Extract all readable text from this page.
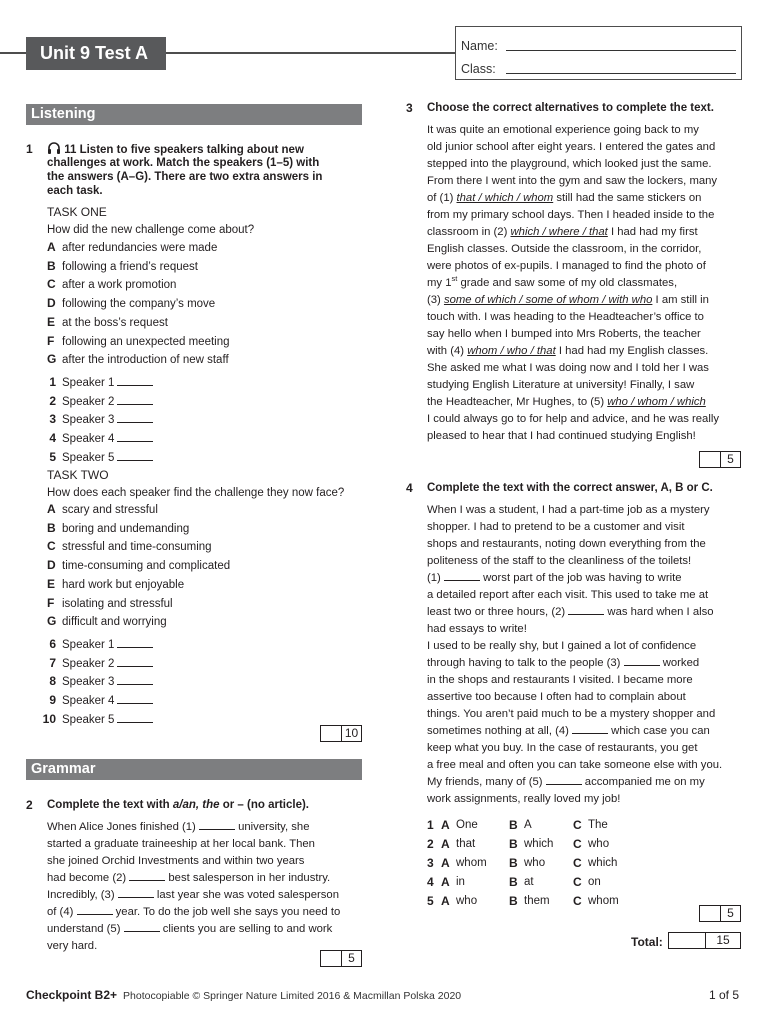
Unit 9 Test A	Name:
Class:
Listening
1	11 Listen to five speakers talking about new
challenges at work. Match the speakers (1–5) with
the answers (A–G). There are two extra answers in
each task.
TASK ONE
How did the new challenge come about?
A after redundancies were made
B following a friend’s request
C after a work promotion
D following the company’s move
E at the boss’s request
F following an unexpected meeting
G after the introduction of new staff
1 Speaker 1
2 Speaker 2
3 Speaker 3
4 Speaker 4
5 Speaker 5
TASK TWO
How does each speaker find the challenge they now face?
A scary and stressful
B boring and undemanding
C stressful and time-consuming
D time-consuming and complicated
E hard work but enjoyable
F isolating and stressful
G difficult and worrying
6 Speaker 1
7 Speaker 2
8 Speaker 3
9 Speaker 4
10 Speaker 5
10
Grammar
2 Complete the text with a/an, the or – (no article).
When Alice Jones finished (1)	university, she
started a graduate traineeship at her local bank. Then
she joined Orchid Investments and within two years
had become (2)	best salesperson in her industry.
Incredibly, (3)	last year she was voted salesperson
of (4)	year. To do the job well she says you need to
understand (5)	clients you are selling to and work
very hard.
5
3 Choose the correct alternatives to complete the text.
It was quite an emotional experience going back to my
old junior school after eight years. I entered the gates and
stepped into the playground, which looked just the same.
From there I went into the gym and saw the lockers, many
of (1) that / which / whom still had the same stickers on
from my primary school days. Then I headed inside to the
classroom in (2) which / where / that I had had my first
English classes. Outside the classroom, in the corridor,
were photos of ex-pupils. I managed to find the photo of
my 1st grade and saw some of my old classmates,
(3) some of which / some of whom / with who I am still in
touch with. I was heading to the Headteacher’s office to
say hello when I bumped into Mrs Roberts, the teacher
with (4) whom / who / that I had had my English classes.
She asked me what I was doing now and I told her I was
studying English Literature at university! Finally, I saw
the Headteacher, Mr Hughes, to (5) who / whom / which
I could always go to for help and advice, and he was really
pleased to hear that I had continued studying English!
5
4 Complete the text with the correct answer, A, B or C.
When I was a student, I had a part-time job as a mystery
shopper. I had to pretend to be a customer and visit
shops and restaurants, noting down everything from the
politeness of the staff to the cleanliness of the toilets!
(1)	worst part of the job was having to write
a detailed report after each visit. This used to take me at
least two or three hours, (2)	was hard when I also
had essays to write!
I used to be really shy, but I gained a lot of confidence
through having to talk to the people (3)	worked
in the shops and restaurants I visited. I became more
assertive too because I often had to complain about
things. You aren’t paid much to be a mystery shopper and
sometimes nothing at all, (4)	which case you can
keep what you buy. In the case of restaurants, you get
a free meal and often you can take someone else with you.
My friends, many of (5)	accompanied me on my
work assignments, really loved my job!
1 A One	B A	C The
2 A that	B which C who
3 A whom B who C which
4 A in	B at	C on
5 A who	B them C whom
5
Total:	15
Checkpoint B2+ Photocopiable © Springer Nature Limited 2016 & Macmillan Polska 2020	1 of 5
